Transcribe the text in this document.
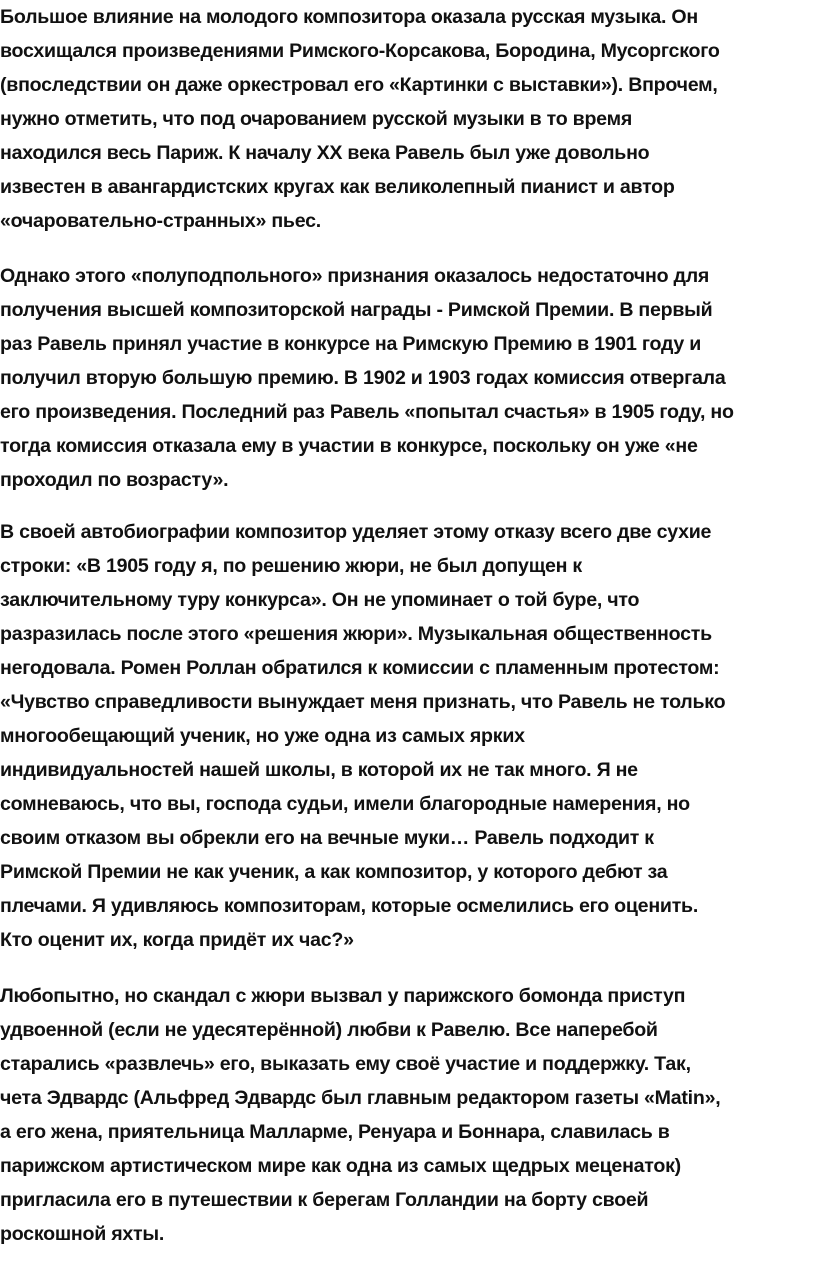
Большое влияние на молодого композитора оказала русская музыка. Он
восхищался произведениями Римского-Корсакова, Бородина, Мусоргского
(впоследствии он даже оркестровал его «Картинки с выставки»). Впрочем,
нужно отметить, что под очарованием русской музыки в то время
находился весь Париж. К началу XX века Равель был уже довольно
известен в авангардистских кругах как великолепный пианист и автор
«очаровательно-странных» пьес.
Однако этого «полуподпольного» признания оказалось недостаточно для
получения высшей композиторской награды - Римской Премии. В первый
раз Равель принял участие в конкурсе на Римскую Премию в 1901 году и
получил вторую большую премию. В 1902 и 1903 годах комиссия отвергала
его произведения. Последний раз Равель «попытал счастья» в 1905 году, но
тогда комиссия отказала ему в участии в конкурсе, поскольку он уже «не
проходил по возрасту».
В своей автобиографии композитор уделяет этому отказу всего две сухие
строки: «В 1905 году я, по решению жюри, не был допущен к
заключительному туру конкурса». Он не упоминает о той буре, что
разразилась после этого «решения жюри». Музыкальная общественность
негодовала. Ромен Роллан обратился к комиссии с пламенным протестом:
«Чувство справедливости вынуждает меня признать, что Равель не только
многообещающий ученик, но уже одна из самых ярких
индивидуальностей нашей школы, в которой их не так много. Я не
сомневаюсь, что вы, господа судьи, имели благородные намерения, но
своим отказом вы обрекли его на вечные муки… Равель подходит к
Римской Премии не как ученик, а как композитор, у которого дебют за
плечами. Я удивляюсь композиторам, которые осмелились его оценить.
Кто оценит их, когда придёт их час?»
Любопытно, но скандал с жюри вызвал у парижского бомонда приступ
удвоенной (если не удесятерённой) любви к Равелю. Все наперебой
старались «развлечь» его, выказать ему своё участие и поддержку. Так,
чета Эдвардс (Альфред Эдвардс был главным редактором газеты «Matin»,
а его жена, приятельница Малларме, Ренуара и Боннара, славилась в
парижском артистическом мире как одна из самых щедрых меценаток)
пригласила его в путешествии к берегам Голландии на борту своей
роскошной яхты.
